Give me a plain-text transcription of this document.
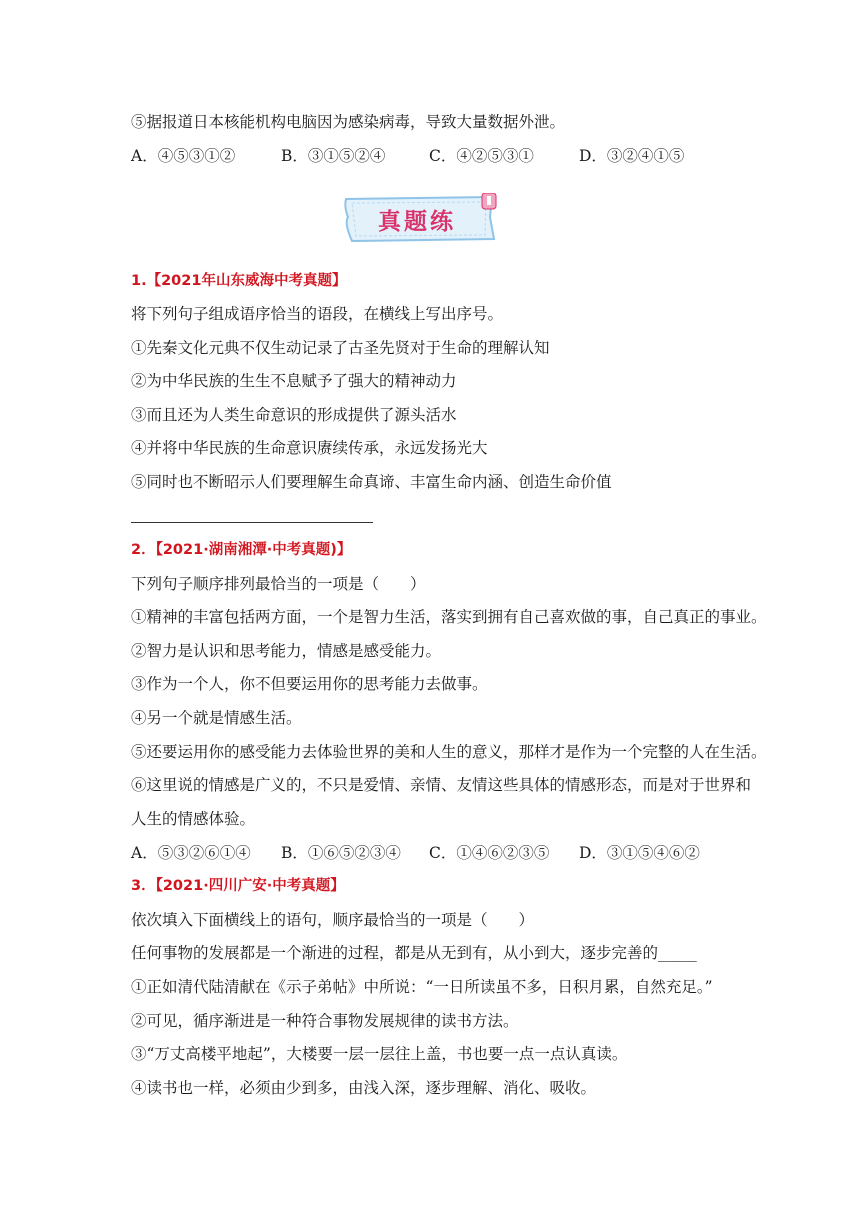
⑤据报道日本核能机构电脑因为感染病毒，导致大量数据外泄。
A．④⑤③①②	B．③①⑤②④	C．④②⑤③①	D．③②④①⑤
真题练
1.【2021年山东威海中考真题】
将下列句子组成语序恰当的语段，在横线上写出序号。
①先秦文化元典不仅生动记录了古圣先贤对于生命的理解认知
②为中华民族的生生不息赋予了强大的精神动力
③而且还为人类生命意识的形成提供了源头活水
④并将中华民族的生命意识赓续传承，永远发扬光大
⑤同时也不断昭示人们要理解生命真谛、丰富生命内涵、创造生命价值
2．【2021·湖南湘潭·中考真题)】
下列句子顺序排列最恰当的一项是（　　）
①精神的丰富包括两方面，一个是智力生活，落实到拥有自己喜欢做的事，自己真正的事业。
②智力是认识和思考能力，情感是感受能力。
③作为一个人，你不但要运用你的思考能力去做事。
④另一个就是情感生活。
⑤还要运用你的感受能力去体验世界的美和人生的意义，那样才是作为一个完整的人在生活。
⑥这里说的情感是广义的，不只是爱情、亲情、友情这些具体的情感形态，而是对于世界和
人生的情感体验。
A．⑤③②⑥①④ B．①⑥⑤②③④ C．①④⑥②③⑤ D．③①⑤④⑥②
3．【2021·四川广安·中考真题】
依次填入下面横线上的语句，顺序最恰当的一项是（　　）
任何事物的发展都是一个渐进的过程，都是从无到有，从小到大，逐步完善的_____
①正如清代陆清献在《示子弟帖》中所说：“一日所读虽不多，日积月累，自然充足。”
②可见，循序渐进是一种符合事物发展规律的读书方法。
③“万丈高楼平地起”，大楼要一层一层往上盖，书也要一点一点认真读。
④读书也一样，必须由少到多，由浅入深，逐步理解、消化、吸收。
